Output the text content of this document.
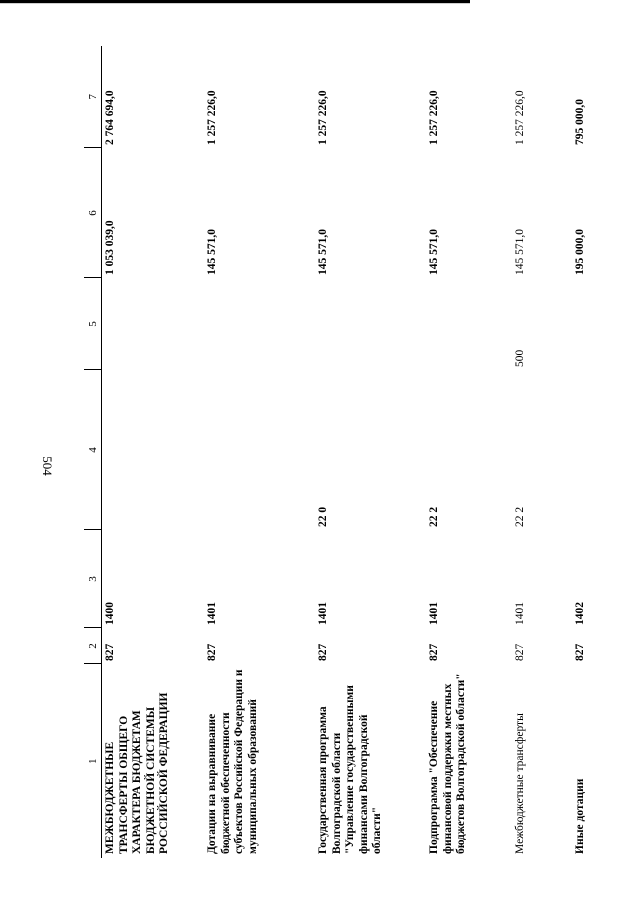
504
1	2	3	4	5	6	7
МЕЖБЮДЖЕТНЫЕ ТРАНСФЕРТЫ ОБЩЕГО ХАРАКТЕРА БЮДЖЕТАМ БЮДЖЕТНОЙ СИСТЕМЫ РОССИЙСКОЙ ФЕДЕРАЦИИ	827	1400			1 053 039,0	2 764 694,0
Дотации на выравнивание бюджетной обеспеченности субъектов Российской Федерации и муниципальных образований	827	1401			145 571,0	1 257 226,0
Государственная программа Волгоградской области "Управление государственными финансами Волгоградской области"	827	1401	22 0		145 571,0	1 257 226,0
Подпрограмма "Обеспечение финансовой поддержки местных бюджетов Волгоградской области"	827	1401	22 2		145 571,0	1 257 226,0
Межбюджетные трансферты	827	1401	22 2	500	145 571,0	1 257 226,0
Иные дотации	827	1402			195 000,0	795 000,0
